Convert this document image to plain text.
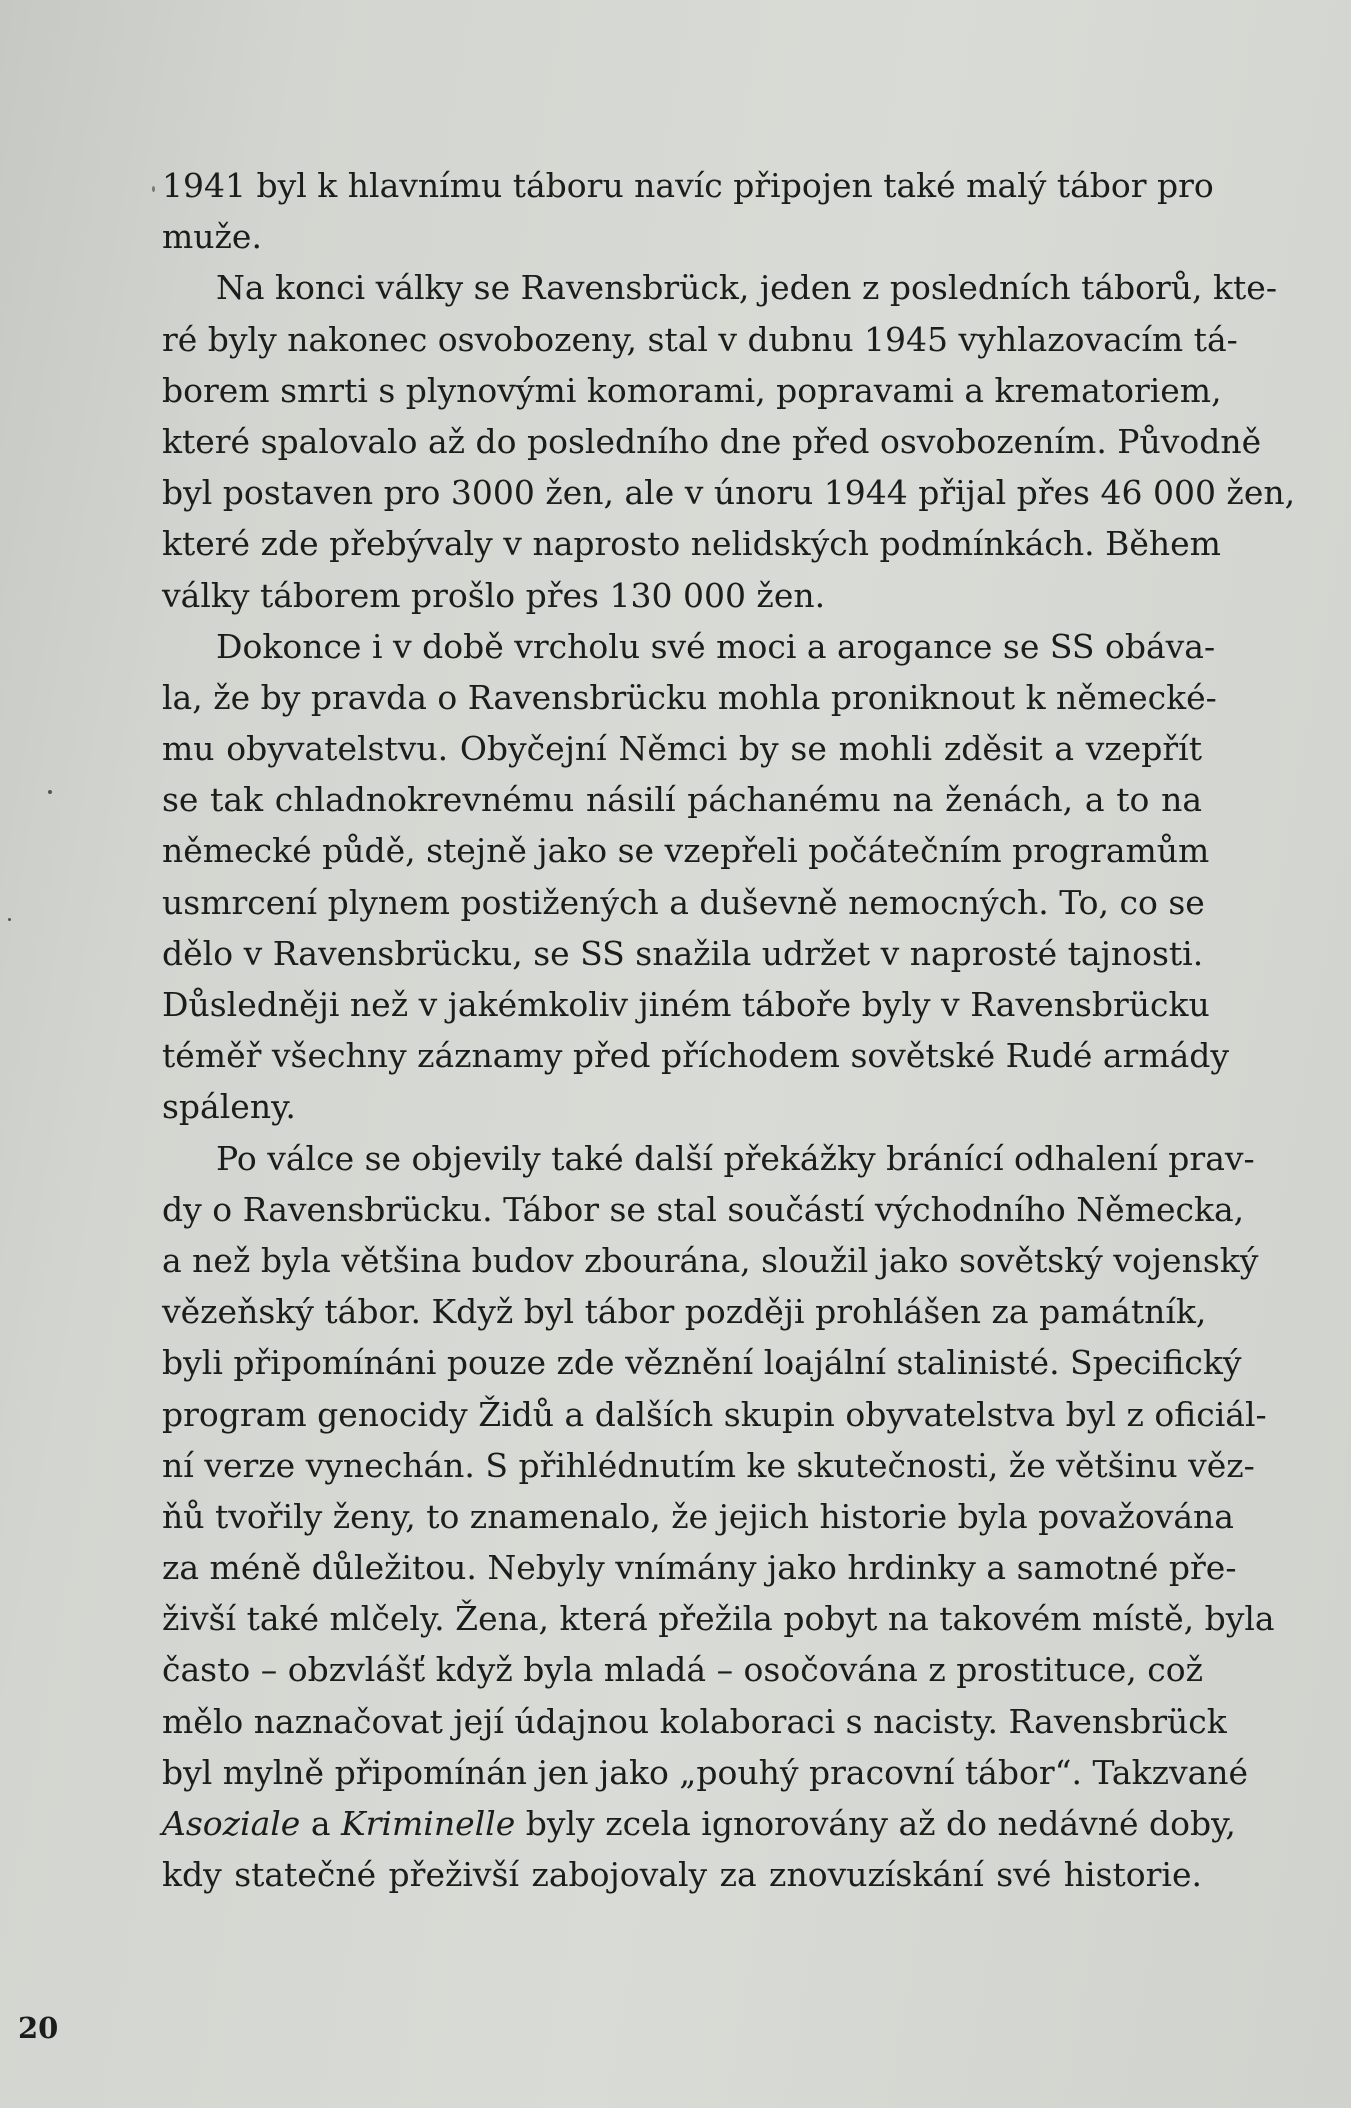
1941 byl k hlavnímu táboru navíc připojen také malý tábor pro
muže.
Na konci války se Ravensbrück, jeden z posledních táborů, kte-
ré byly nakonec osvobozeny, stal v dubnu 1945 vyhlazovacím tá-
borem smrti s plynovými komorami, popravami a krematoriem,
které spalovalo až do posledního dne před osvobozením. Původně
byl postaven pro 3000 žen, ale v únoru 1944 přijal přes 46 000 žen,
které zde přebývaly v naprosto nelidských podmínkách. Během
války táborem prošlo přes 130 000 žen.
Dokonce i v době vrcholu své moci a arogance se SS obáva-
la, že by pravda o Ravensbrücku mohla proniknout k německé-
mu obyvatelstvu. Obyčejní Němci by se mohli zděsit a vzepřít
se tak chladnokrevnému násilí páchanému na ženách, a to na
německé půdě, stejně jako se vzepřeli počátečním programům
usmrcení plynem postižených a duševně nemocných. To, co se
dělo v Ravensbrücku, se SS snažila udržet v naprosté tajnosti.
Důsledněji než v jakémkoliv jiném táboře byly v Ravensbrücku
téměř všechny záznamy před příchodem sovětské Rudé armády
spáleny.
Po válce se objevily také další překážky bránící odhalení prav-
dy o Ravensbrücku. Tábor se stal součástí východního Německa,
a než byla většina budov zbourána, sloužil jako sovětský vojenský
vězeňský tábor. Když byl tábor později prohlášen za památník,
byli připomínáni pouze zde věznění loajální stalinisté. Specifický
program genocidy Židů a dalších skupin obyvatelstva byl z oficiál-
ní verze vynechán. S přihlédnutím ke skutečnosti, že většinu věz-
ňů tvořily ženy, to znamenalo, že jejich historie byla považována
za méně důležitou. Nebyly vnímány jako hrdinky a samotné pře-
živší také mlčely. Žena, která přežila pobyt na takovém místě, byla
často – obzvlášť když byla mladá – osočována z prostituce, což
mělo naznačovat její údajnou kolaboraci s nacisty. Ravensbrück
byl mylně připomínán jen jako „pouhý pracovní tábor“. Takzvané
Asoziale a Kriminelle byly zcela ignorovány až do nedávné doby,
kdy statečné přeživší zabojovaly za znovuzískání své historie.
20
